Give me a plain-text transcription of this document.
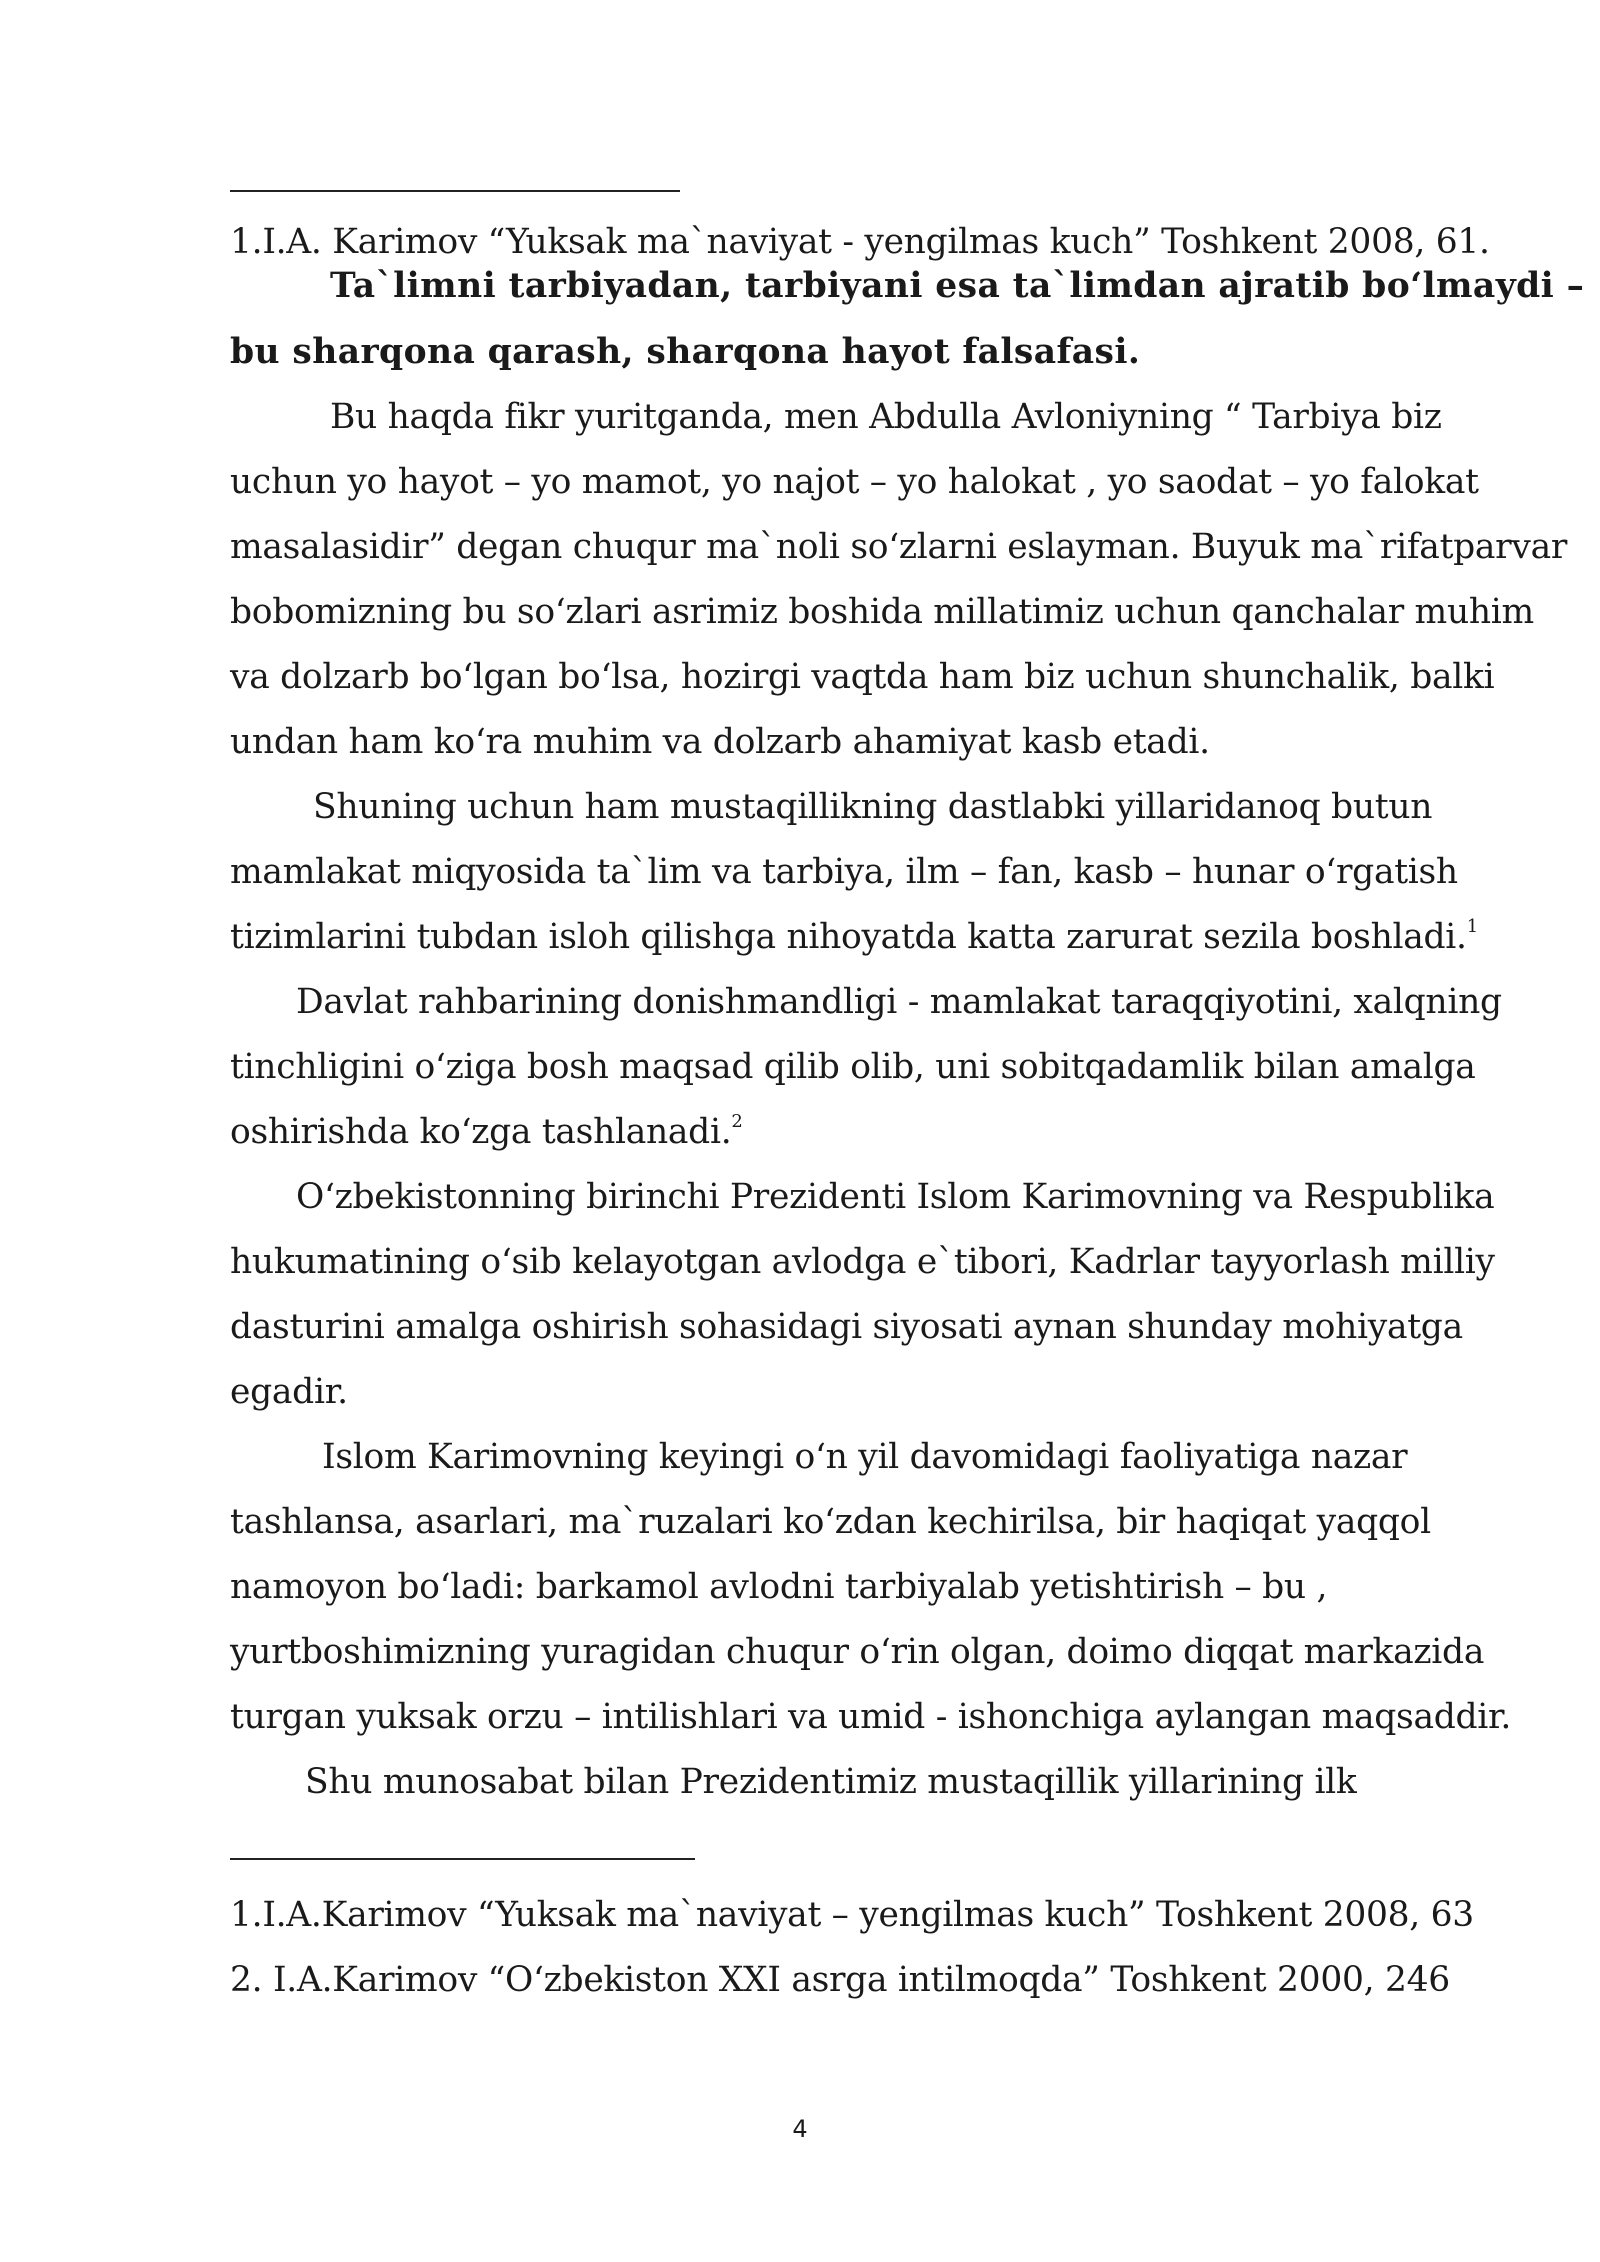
1.I.A. Karimov “Yuksak ma`naviyat - yengilmas kuch” Toshkent 2008, 61.
Ta`limni tarbiyadan, tarbiyani esa ta`limdan ajratib bo‘lmaydi –
bu sharqona qarash, sharqona hayot falsafasi.
Bu haqda fikr yuritganda, men Abdulla Avloniyning “ Tarbiya biz
uchun yo hayot – yo mamot, yo najot – yo halokat , yo saodat – yo falokat
masalasidir” degan chuqur ma`noli so‘zlarni eslayman. Buyuk ma`rifatparvar
bobomizning bu so‘zlari asrimiz boshida millatimiz uchun qanchalar muhim
va dolzarb bo‘lgan bo‘lsa, hozirgi vaqtda ham biz uchun shunchalik, balki
undan ham ko‘ra muhim va dolzarb ahamiyat kasb etadi.
Shuning uchun ham mustaqillikning dastlabki yillaridanoq butun
mamlakat miqyosida ta`lim va tarbiya, ilm – fan, kasb – hunar o‘rgatish
tizimlarini tubdan isloh qilishga nihoyatda katta zarurat sezila boshladi.$^1$
Davlat rahbarining donishmandligi - mamlakat taraqqiyotini, xalqning
tinchligini o‘ziga bosh maqsad qilib olib, uni sobitqadamlik bilan amalga
oshirishda ko‘zga tashlanadi.$^2$
O‘zbekistonning birinchi Prezidenti Islom Karimovning va Respublika
hukumatining o‘sib kelayotgan avlodga e`tibori, Kadrlar tayyorlash milliy
dasturini amalga oshirish sohasidagi siyosati aynan shunday mohiyatga
egadir.
Islom Karimovning keyingi o‘n yil davomidagi faoliyatiga nazar
tashlansa, asarlari, ma`ruzalari ko‘zdan kechirilsa, bir haqiqat yaqqol
namoyon bo‘ladi: barkamol avlodni tarbiyalab yetishtirish – bu ,
yurtboshimizning yuragidan chuqur o‘rin olgan, doimo diqqat markazida
turgan yuksak orzu – intilishlari va umid - ishonchiga aylangan maqsaddir.
Shu munosabat bilan Prezidentimiz mustaqillik yillarining ilk
1.I.A.Karimov “Yuksak ma`naviyat – yengilmas kuch” Toshkent 2008, 63
2. I.A.Karimov “O‘zbekiston XXI asrga intilmoqda” Toshkent 2000, 246
4
